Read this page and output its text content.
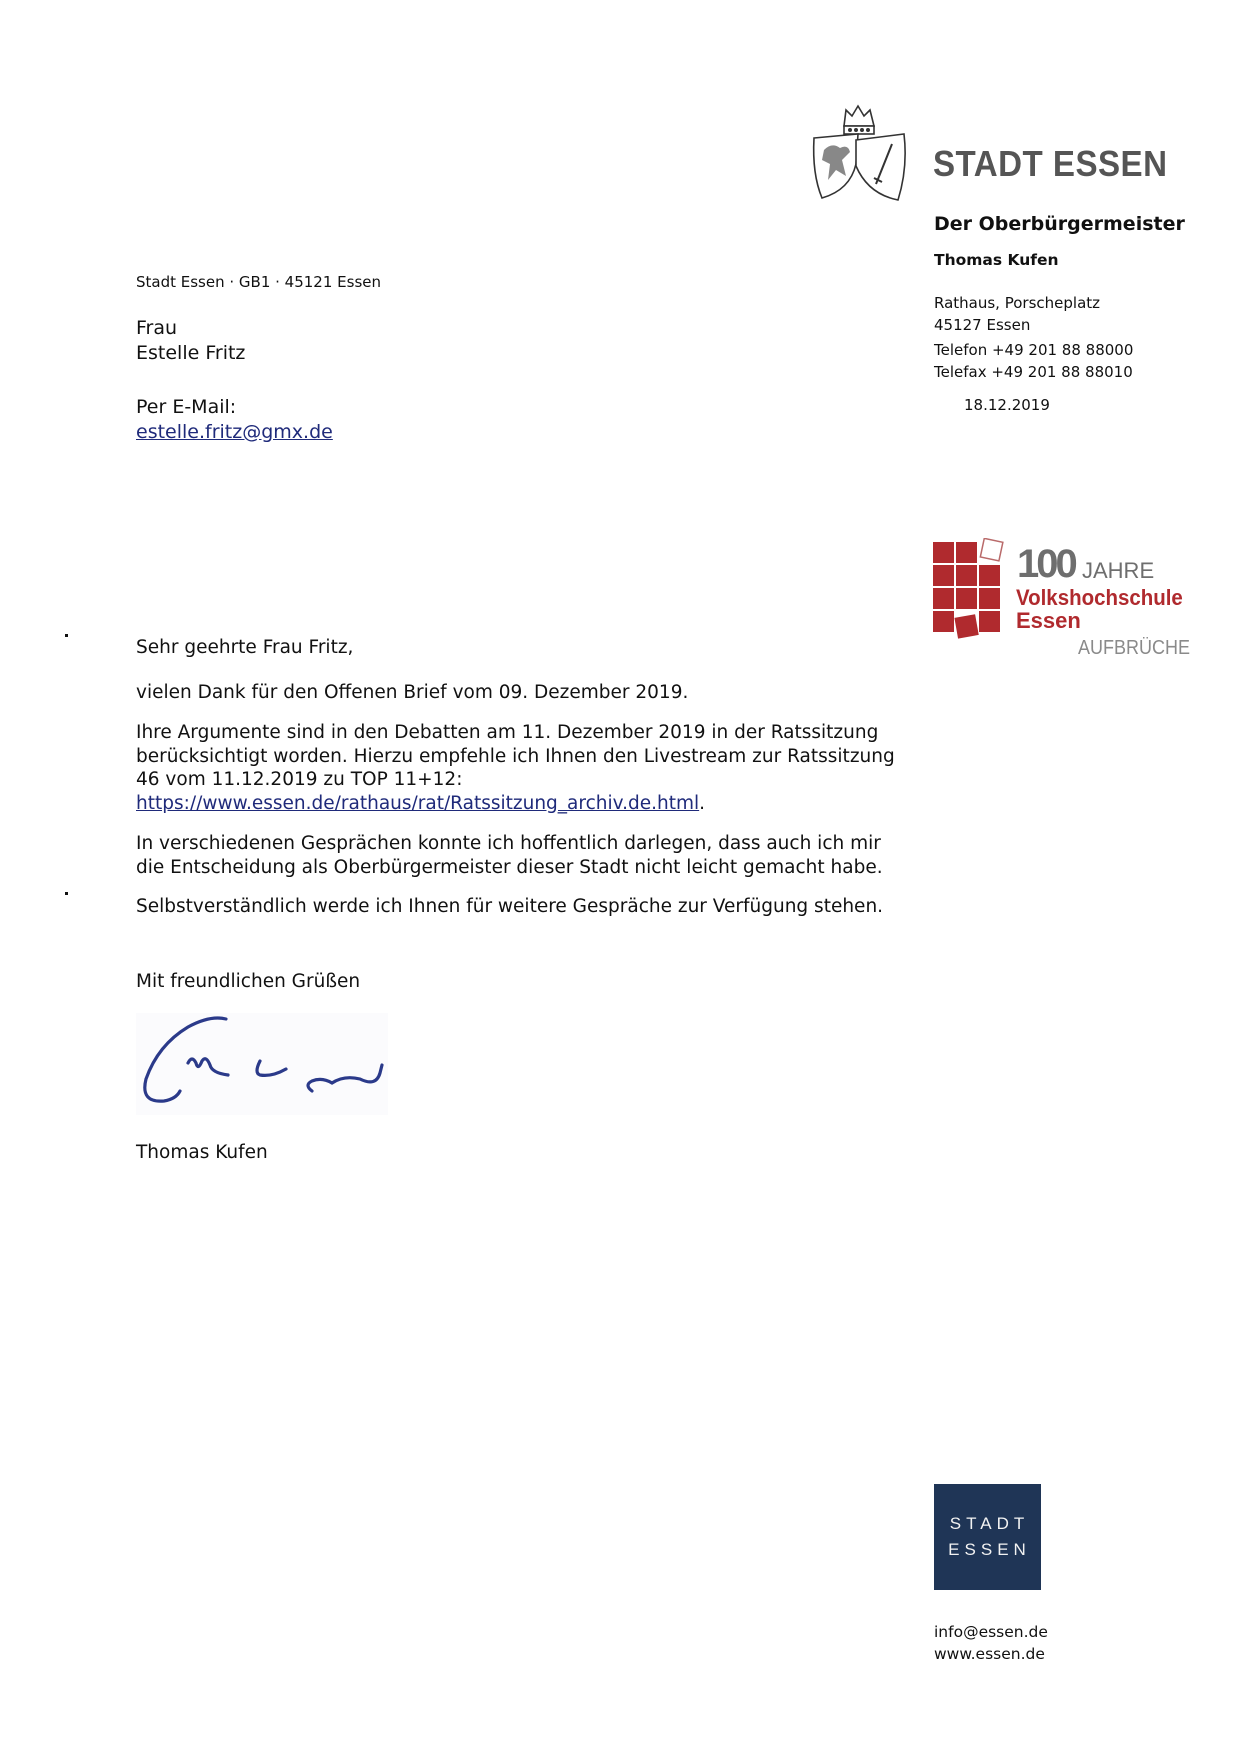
STADT ESSEN
Der Oberbürgermeister
Thomas Kufen
Rathaus, Porscheplatz
45127 Essen
Telefon +49 201 88 88000
Telefax +49 201 88 88010
18.12.2019
Stadt Essen · GB1 · 45121 Essen
Frau
Estelle Fritz
Per E-Mail:
estelle.fritz@gmx.de
100 JAHRE
Volkshochschule
Essen
AUFBRÜCHE
Sehr geehrte Frau Fritz,
vielen Dank für den Offenen Brief vom 09. Dezember 2019.
Ihre Argumente sind in den Debatten am 11. Dezember 2019 in der Ratssitzung
berücksichtigt worden. Hierzu empfehle ich Ihnen den Livestream zur Ratssitzung
46 vom 11.12.2019 zu TOP 11+12:
https://www.essen.de/rathaus/rat/Ratssitzung_archiv.de.html.
In verschiedenen Gesprächen konnte ich hoffentlich darlegen, dass auch ich mir
die Entscheidung als Oberbürgermeister dieser Stadt nicht leicht gemacht habe.
Selbstverständlich werde ich Ihnen für weitere Gespräche zur Verfügung stehen.
Mit freundlichen Grüßen
Thomas Kufen
STADT
ESSEN
info@essen.de
www.essen.de
